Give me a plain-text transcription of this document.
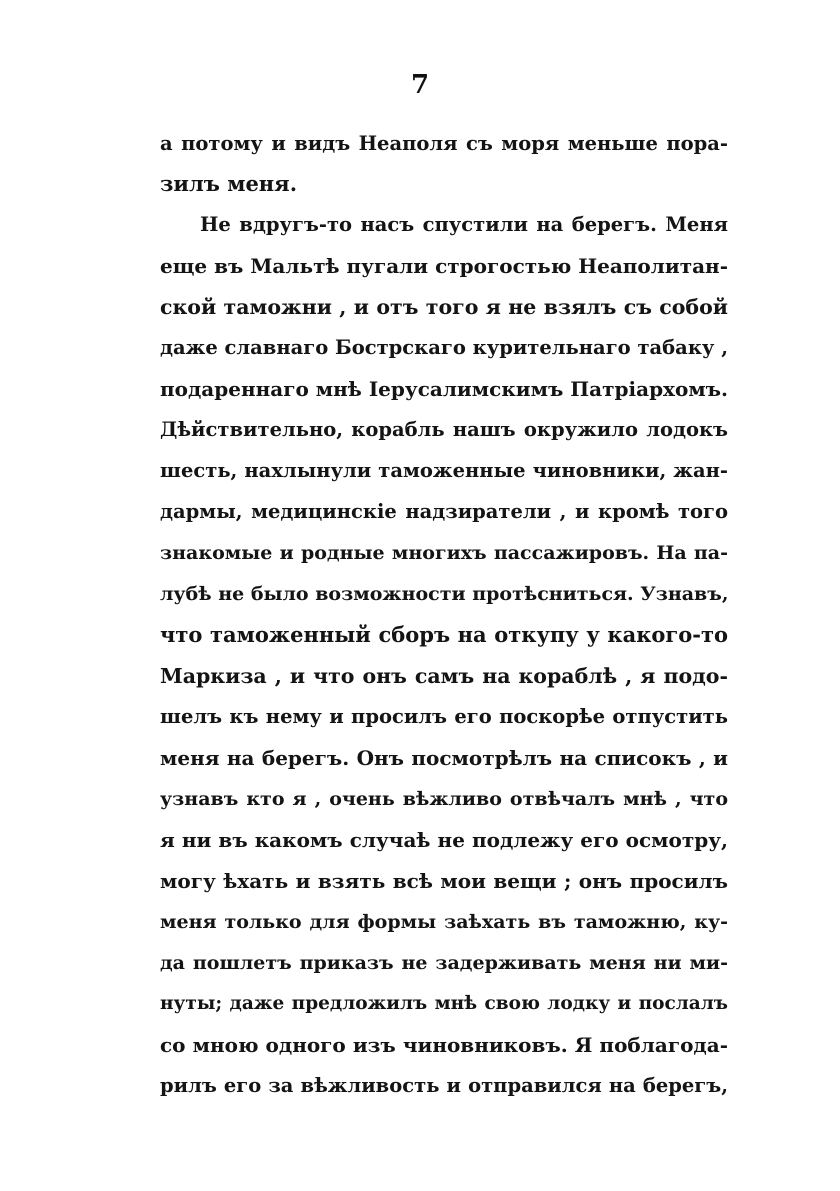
7
а потому и видъ Неаполя съ моря меньше пора-
зилъ меня.
Не вдругъ-то насъ спустили на берегъ. Меня
еще въ Мальтѣ пугали строгостью Неаполитан-
ской таможни , и отъ того я не взялъ съ собой
даже славнаго Бострскаго курительнаго табаку ,
подареннаго мнѣ Іерусалимскимъ Патріархомъ.
Дѣйствительно, корабль нашъ окружило лодокъ
шесть, нахлынули таможенные чиновники, жан-
дармы, медицинскіе надзиратели , и кромѣ того
знакомые и родные многихъ пассажировъ. На па-
лубѣ не было возможности протѣсниться. Узнавъ,
что таможенный сборъ на откупу у какого-то
Маркиза , и что онъ самъ на кораблѣ , я подо-
шелъ къ нему и просилъ его поскорѣе отпустить
меня на берегъ. Онъ посмотрѣлъ на списокъ , и
узнавъ кто я , очень вѣжливо отвѣчалъ мнѣ , что
я ни въ какомъ случаѣ не подлежу его осмотру,
могу ѣхать и взять всѣ мои вещи ; онъ просилъ
меня только для формы заѣхать въ таможню, ку-
да пошлетъ приказъ не задерживать меня ни ми-
нуты; даже предложилъ мнѣ свою лодку и послалъ
со мною одного изъ чиновниковъ. Я поблагода-
рилъ его за вѣжливость и отправился на берегъ,
